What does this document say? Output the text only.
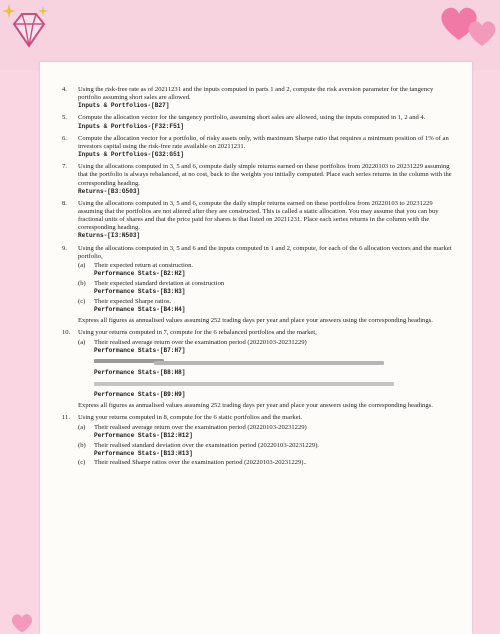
4. Using the risk-free rate as of 20211231 and the inputs computed in parts 1 and 2, compute the risk aversion parameter for the tangency portfolio assuming short sales are allowed.
Inputs & Portfolios-[B27]
5. Compute the allocation vector for the tangency portfolio, assuming short sales are allowed, using the inputs computed in 1, 2 and 4.
Inputs & Portfolios-[F32:F51]
6. Compute the allocation vector for a portfolio, of risky assets only, with maximum Sharpe ratio that requires a minimum position of 1% of an investors capital using the risk-free rate available on 20211231.
Inputs & Portfolios-[G32:G51]
7. Using the allocations computed in 3, 5 and 6, compute daily simple returns earned on these portfolios from 20220103 to 20231229 assuming that the portfolio is always rebalanced, at no cost, back to the weights you initially computed. Place each series returns in the column with the corresponding heading.
Returns-[B3:G503]
8. Using the allocations computed in 3, 5 and 6, compute the daily simple returns earned on these portfolios from 20220103 to 20231229 assuming that the portfolios are not altered after they are constructed. This is called a static allocation. You may assume that you can buy fractional units of shares and that the price paid for shares is that listed on 20211231. Place each series returns in the column with the corresponding heading.
Returns-[I3:N503]
9. Using the allocations computed in 3, 5 and 6 and the inputs computed in 1 and 2, compute, for each of the 6 allocation vectors and the market portfolio,
(a) Their expected return at construction.
Performance Stats-[B2:H2]
(b) Their expected standard deviation at construction
Performance Stats-[B3:H3]
(c) Their expected Sharpe ratios.
Performance Stats-[B4:H4]
Express all figures as annualised values assuming 252 trading days per year and place your answers using the corresponding headings.
10. Using your returns computed in 7, compute for the 6 rebalanced portfolios and the market,
(a) Their realised average return over the examination period (20220103-20231229)
Performance Stats-[B7:H7]
Performance Stats-[B8:H8]
Performance Stats-[B9:H9]
Express all figures as annualised values assuming 252 trading days per year and place your answers using the corresponding headings.
11. Using your returns computed in 8, compute for the 6 static portfolios and the market.
(a) Their realised average return over the examination period (20220103-20231229)
Performance Stats-[B12:H12]
(b) Their realised standard deviation over the examination period (20220103-20231229).
Performance Stats-[B13:H13]
(c) Their realised Sharpe ratios over the examination period (20220103-20231229)..
